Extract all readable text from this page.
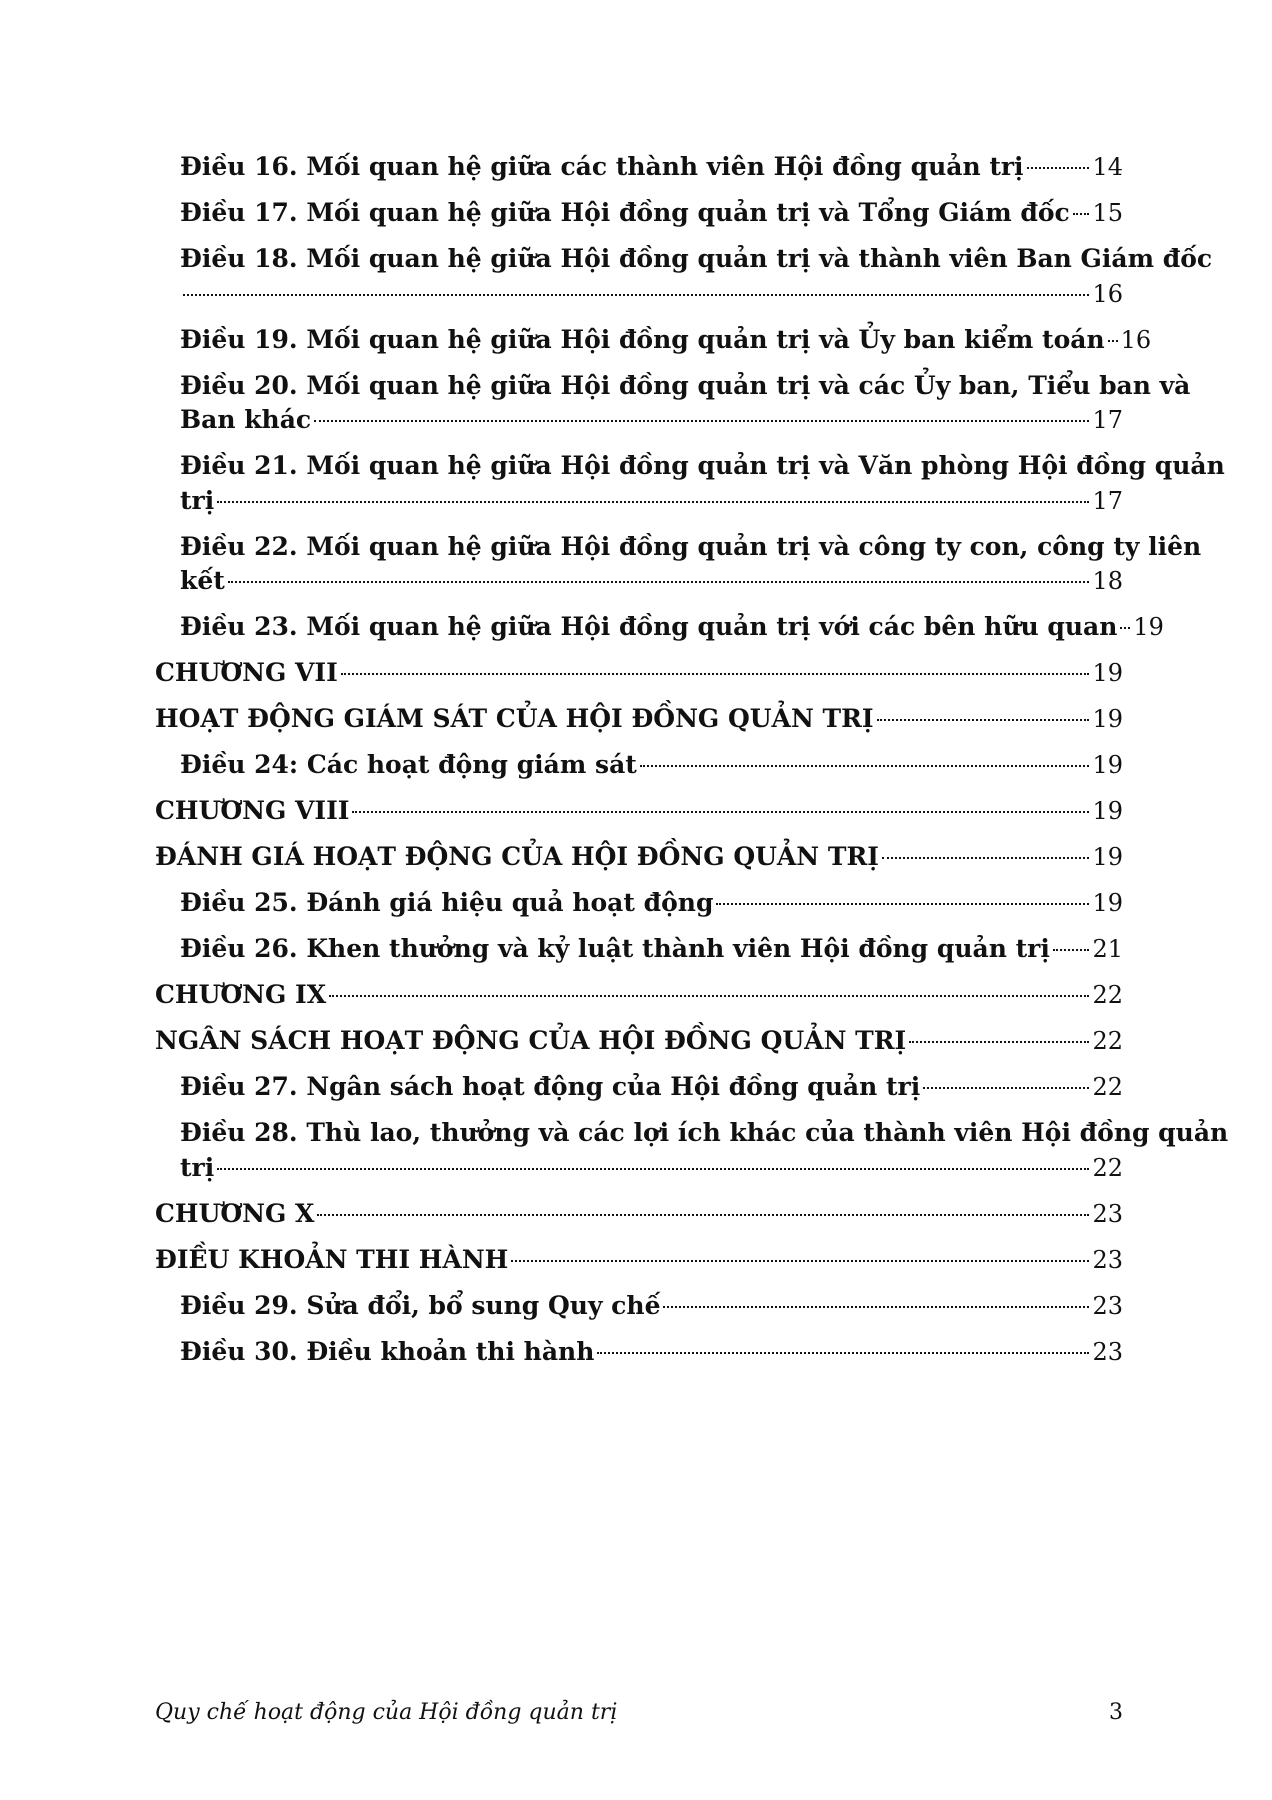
Điều 16. Mối quan hệ giữa các thành viên Hội đồng quản trị	14
Điều 17. Mối quan hệ giữa Hội đồng quản trị và Tổng Giám đốc 15
Điều 18. Mối quan hệ giữa Hội đồng quản trị và thành viên Ban Giám đốc
16
Điều 19. Mối quan hệ giữa Hội đồng quản trị và Ủy ban kiểm toán 16
Điều 20. Mối quan hệ giữa Hội đồng quản trị và các Ủy ban, Tiểu ban và
Ban khác	17
Điều 21. Mối quan hệ giữa Hội đồng quản trị và Văn phòng Hội đồng quản
trị	17
Điều 22. Mối quan hệ giữa Hội đồng quản trị và công ty con, công ty liên
kết	18
Điều 23. Mối quan hệ giữa Hội đồng quản trị với các bên hữu quan 19
CHƯƠNG VII	19
HOẠT ĐỘNG GIÁM SÁT CỦA HỘI ĐỒNG QUẢN TRỊ	19
Điều 24: Các hoạt động giám sát	19
CHƯƠNG VIII	19
ĐÁNH GIÁ HOẠT ĐỘNG CỦA HỘI ĐỒNG QUẢN TRỊ	19
Điều 25. Đánh giá hiệu quả hoạt động	19
Điều 26. Khen thưởng và kỷ luật thành viên Hội đồng quản trị 21
CHƯƠNG IX	22
NGÂN SÁCH HOẠT ĐỘNG CỦA HỘI ĐỒNG QUẢN TRỊ	22
Điều 27. Ngân sách hoạt động của Hội đồng quản trị	22
Điều 28. Thù lao, thưởng và các lợi ích khác của thành viên Hội đồng quản
trị	22
CHƯƠNG X	23
ĐIỀU KHOẢN THI HÀNH	23
Điều 29. Sửa đổi, bổ sung Quy chế	23
Điều 30. Điều khoản thi hành	23
Quy chế hoạt động của Hội đồng quản trị	3
